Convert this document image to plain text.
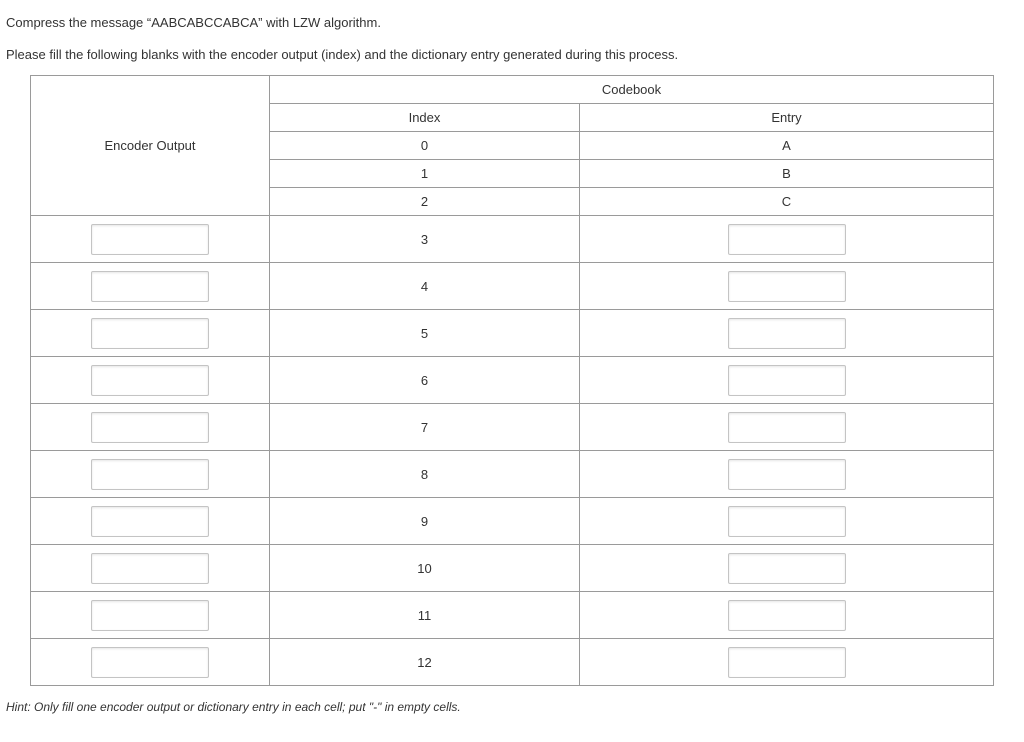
Compress the message “AABCABCCABCA” with LZW algorithm.
Please fill the following blanks with the encoder output (index) and the dictionary entry generated during this process.
Encoder Output	Codebook	
	Index	Entry
	0	A
	1	B
	2	C

	3	

	4	

	5	

	6	

	7	

	8	

	9	

	10	

	11	

	12	
Hint: Only fill one encoder output or dictionary entry in each cell; put "-" in empty cells.
